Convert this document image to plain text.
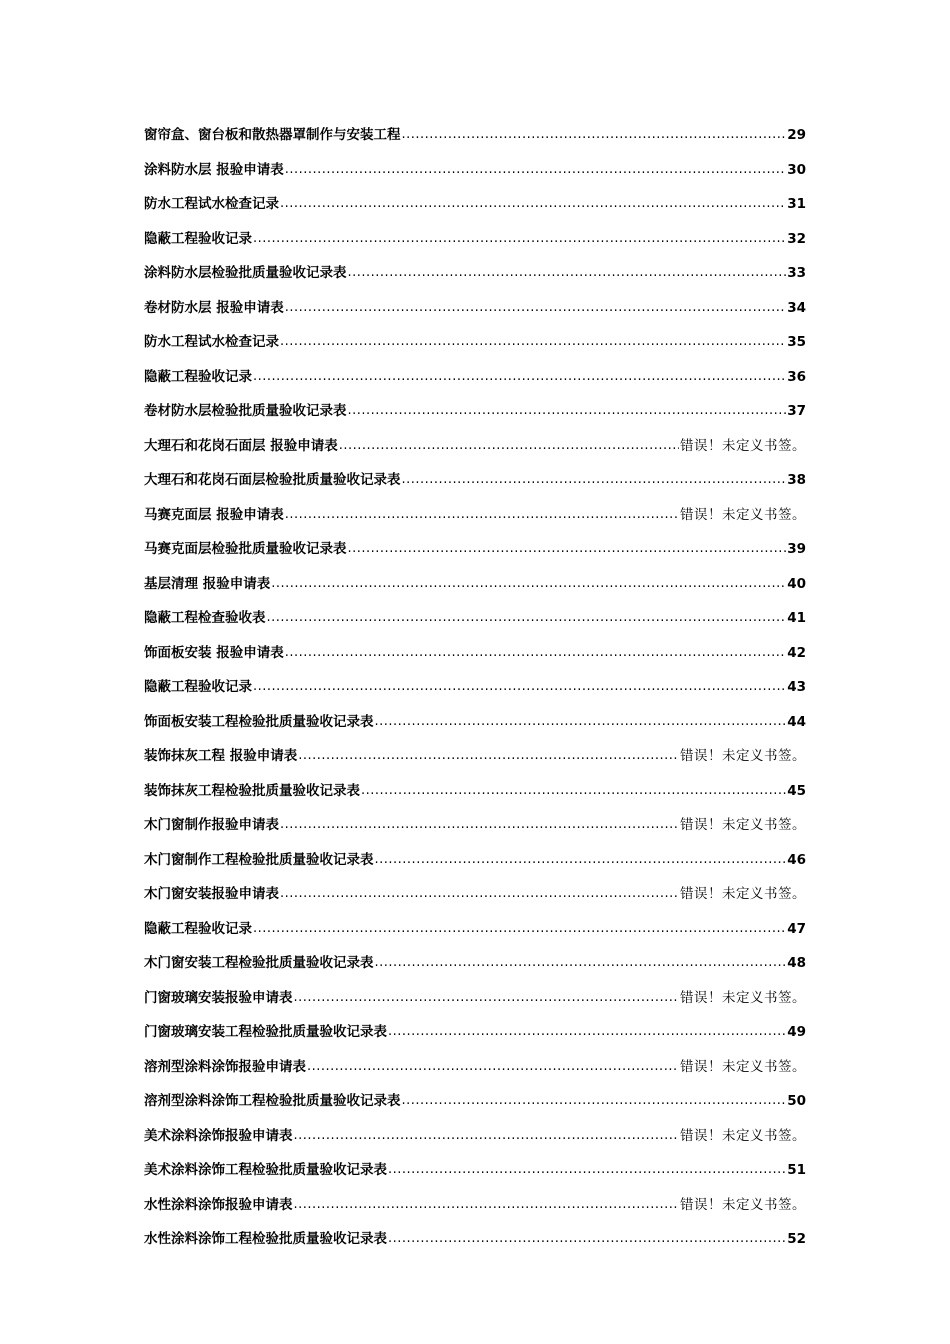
窗帘盒、窗台板和散热器罩制作与安装工程 .....	29
涂料防水层 报验申请表 .....	30
防水工程试水检查记录 .....	31
隐蔽工程验收记录 .....	32
涂料防水层检验批质量验收记录表 .....	33
卷材防水层 报验申请表 .....	34
防水工程试水检查记录 .....	35
隐蔽工程验收记录 .....	36
卷材防水层检验批质量验收记录表 .....	37
大理石和花岗石面层 报验申请表 .....	错误！未定义书签。
大理石和花岗石面层检验批质量验收记录表 .....	38
马赛克面层 报验申请表 .....	错误！未定义书签。
马赛克面层检验批质量验收记录表 .....	39
基层清理 报验申请表 .....	40
隐蔽工程检查验收表 .....	41
饰面板安装 报验申请表 .....	42
隐蔽工程验收记录 .....	43
饰面板安装工程检验批质量验收记录表 .....	44
装饰抹灰工程 报验申请表 .....	错误！未定义书签。
装饰抹灰工程检验批质量验收记录表 .....	45
木门窗制作报验申请表 .....	错误！未定义书签。
木门窗制作工程检验批质量验收记录表 .....	46
木门窗安装报验申请表 .....	错误！未定义书签。
隐蔽工程验收记录 .....	47
木门窗安装工程检验批质量验收记录表 .....	48
门窗玻璃安装报验申请表 .....	错误！未定义书签。
门窗玻璃安装工程检验批质量验收记录表 .....	49
溶剂型涂料涂饰报验申请表 .....	错误！未定义书签。
溶剂型涂料涂饰工程检验批质量验收记录表 .....	50
美术涂料涂饰报验申请表 .....	错误！未定义书签。
美术涂料涂饰工程检验批质量验收记录表 .....	51
水性涂料涂饰报验申请表 .....	错误！未定义书签。
水性涂料涂饰工程检验批质量验收记录表 .....	52
